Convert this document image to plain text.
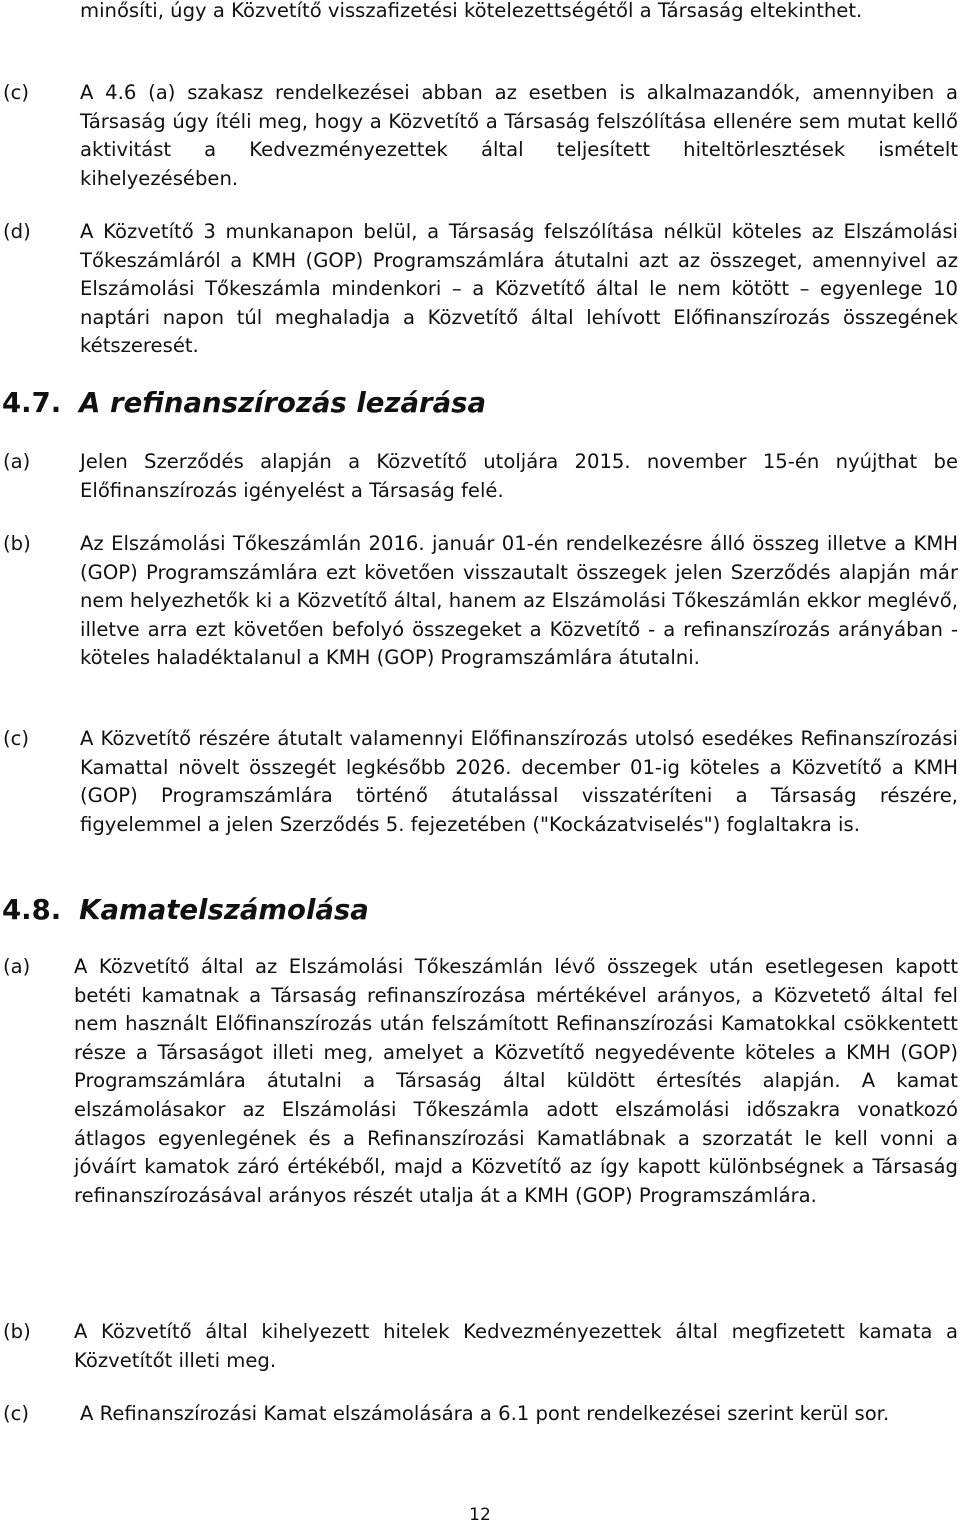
minősíti, úgy a Közvetítő visszafizetési kötelezettségétől a Társaság eltekinthet.
(c)	A 4.6 (a) szakasz rendelkezései abban az esetben is alkalmazandók, amennyiben a Társaság úgy ítéli meg, hogy a Közvetítő a Társaság felszólítása ellenére sem mutat kellő aktivitást a Kedvezményezettek által teljesített hiteltörlesztések ismételt kihelyezésében.
(d)	A Közvetítő 3 munkanapon belül, a Társaság felszólítása nélkül köteles az Elszámolási Tőkeszámláról a KMH (GOP) Programszámlára átutalni azt az összeget, amennyivel az Elszámolási Tőkeszámla mindenkori – a Közvetítő által le nem kötött – egyenlege 10 naptári napon túl meghaladja a Közvetítő által lehívott Előfinanszírozás összegének kétszeresét.
4.7. A refinanszírozás lezárása
(a)	Jelen Szerződés alapján a Közvetítő utoljára 2015. november 15-én nyújthat be Előfinanszírozás igényelést a Társaság felé.
(b)	Az Elszámolási Tőkeszámlán 2016. január 01-én rendelkezésre álló összeg illetve a KMH (GOP) Programszámlára ezt követően visszautalt összegek jelen Szerződés alapján már nem helyezhetők ki a Közvetítő által, hanem az Elszámolási Tőkeszámlán ekkor meglévő, illetve arra ezt követően befolyó összegeket a Közvetítő - a refinanszírozás arányában - köteles haladéktalanul a KMH (GOP) Programszámlára átutalni.
(c)	A Közvetítő részére átutalt valamennyi Előfinanszírozás utolsó esedékes Refinanszírozási Kamattal növelt összegét legkésőbb 2026. december 01-ig köteles a Közvetítő a KMH (GOP) Programszámlára történő átutalással visszatéríteni a Társaság részére, figyelemmel a jelen Szerződés 5. fejezetében ("Kockázatviselés") foglaltakra is.
4.8. Kamatelszámolása
(a) A Közvetítő által az Elszámolási Tőkeszámlán lévő összegek után esetlegesen kapott betéti kamatnak a Társaság refinanszírozása mértékével arányos, a Közvetető által fel nem használt Előfinanszírozás után felszámított Refinanszírozási Kamatokkal csökkentett része a Társaságot illeti meg, amelyet a Közvetítő negyedévente köteles a KMH (GOP) Programszámlára átutalni a Társaság által küldött értesítés alapján. A kamat elszámolásakor az Elszámolási Tőkeszámla adott elszámolási időszakra vonatkozó átlagos egyenlegének és a Refinanszírozási Kamatlábnak a szorzatát le kell vonni a jóváírt kamatok záró értékéből, majd a Közvetítő az így kapott különbségnek a Társaság refinanszírozásával arányos részét utalja át a KMH (GOP) Programszámlára.
(b) A Közvetítő által kihelyezett hitelek Kedvezményezettek által megfizetett kamata a Közvetítőt illeti meg.
(c)	A Refinanszírozási Kamat elszámolására a 6.1 pont rendelkezései szerint kerül sor.
12
